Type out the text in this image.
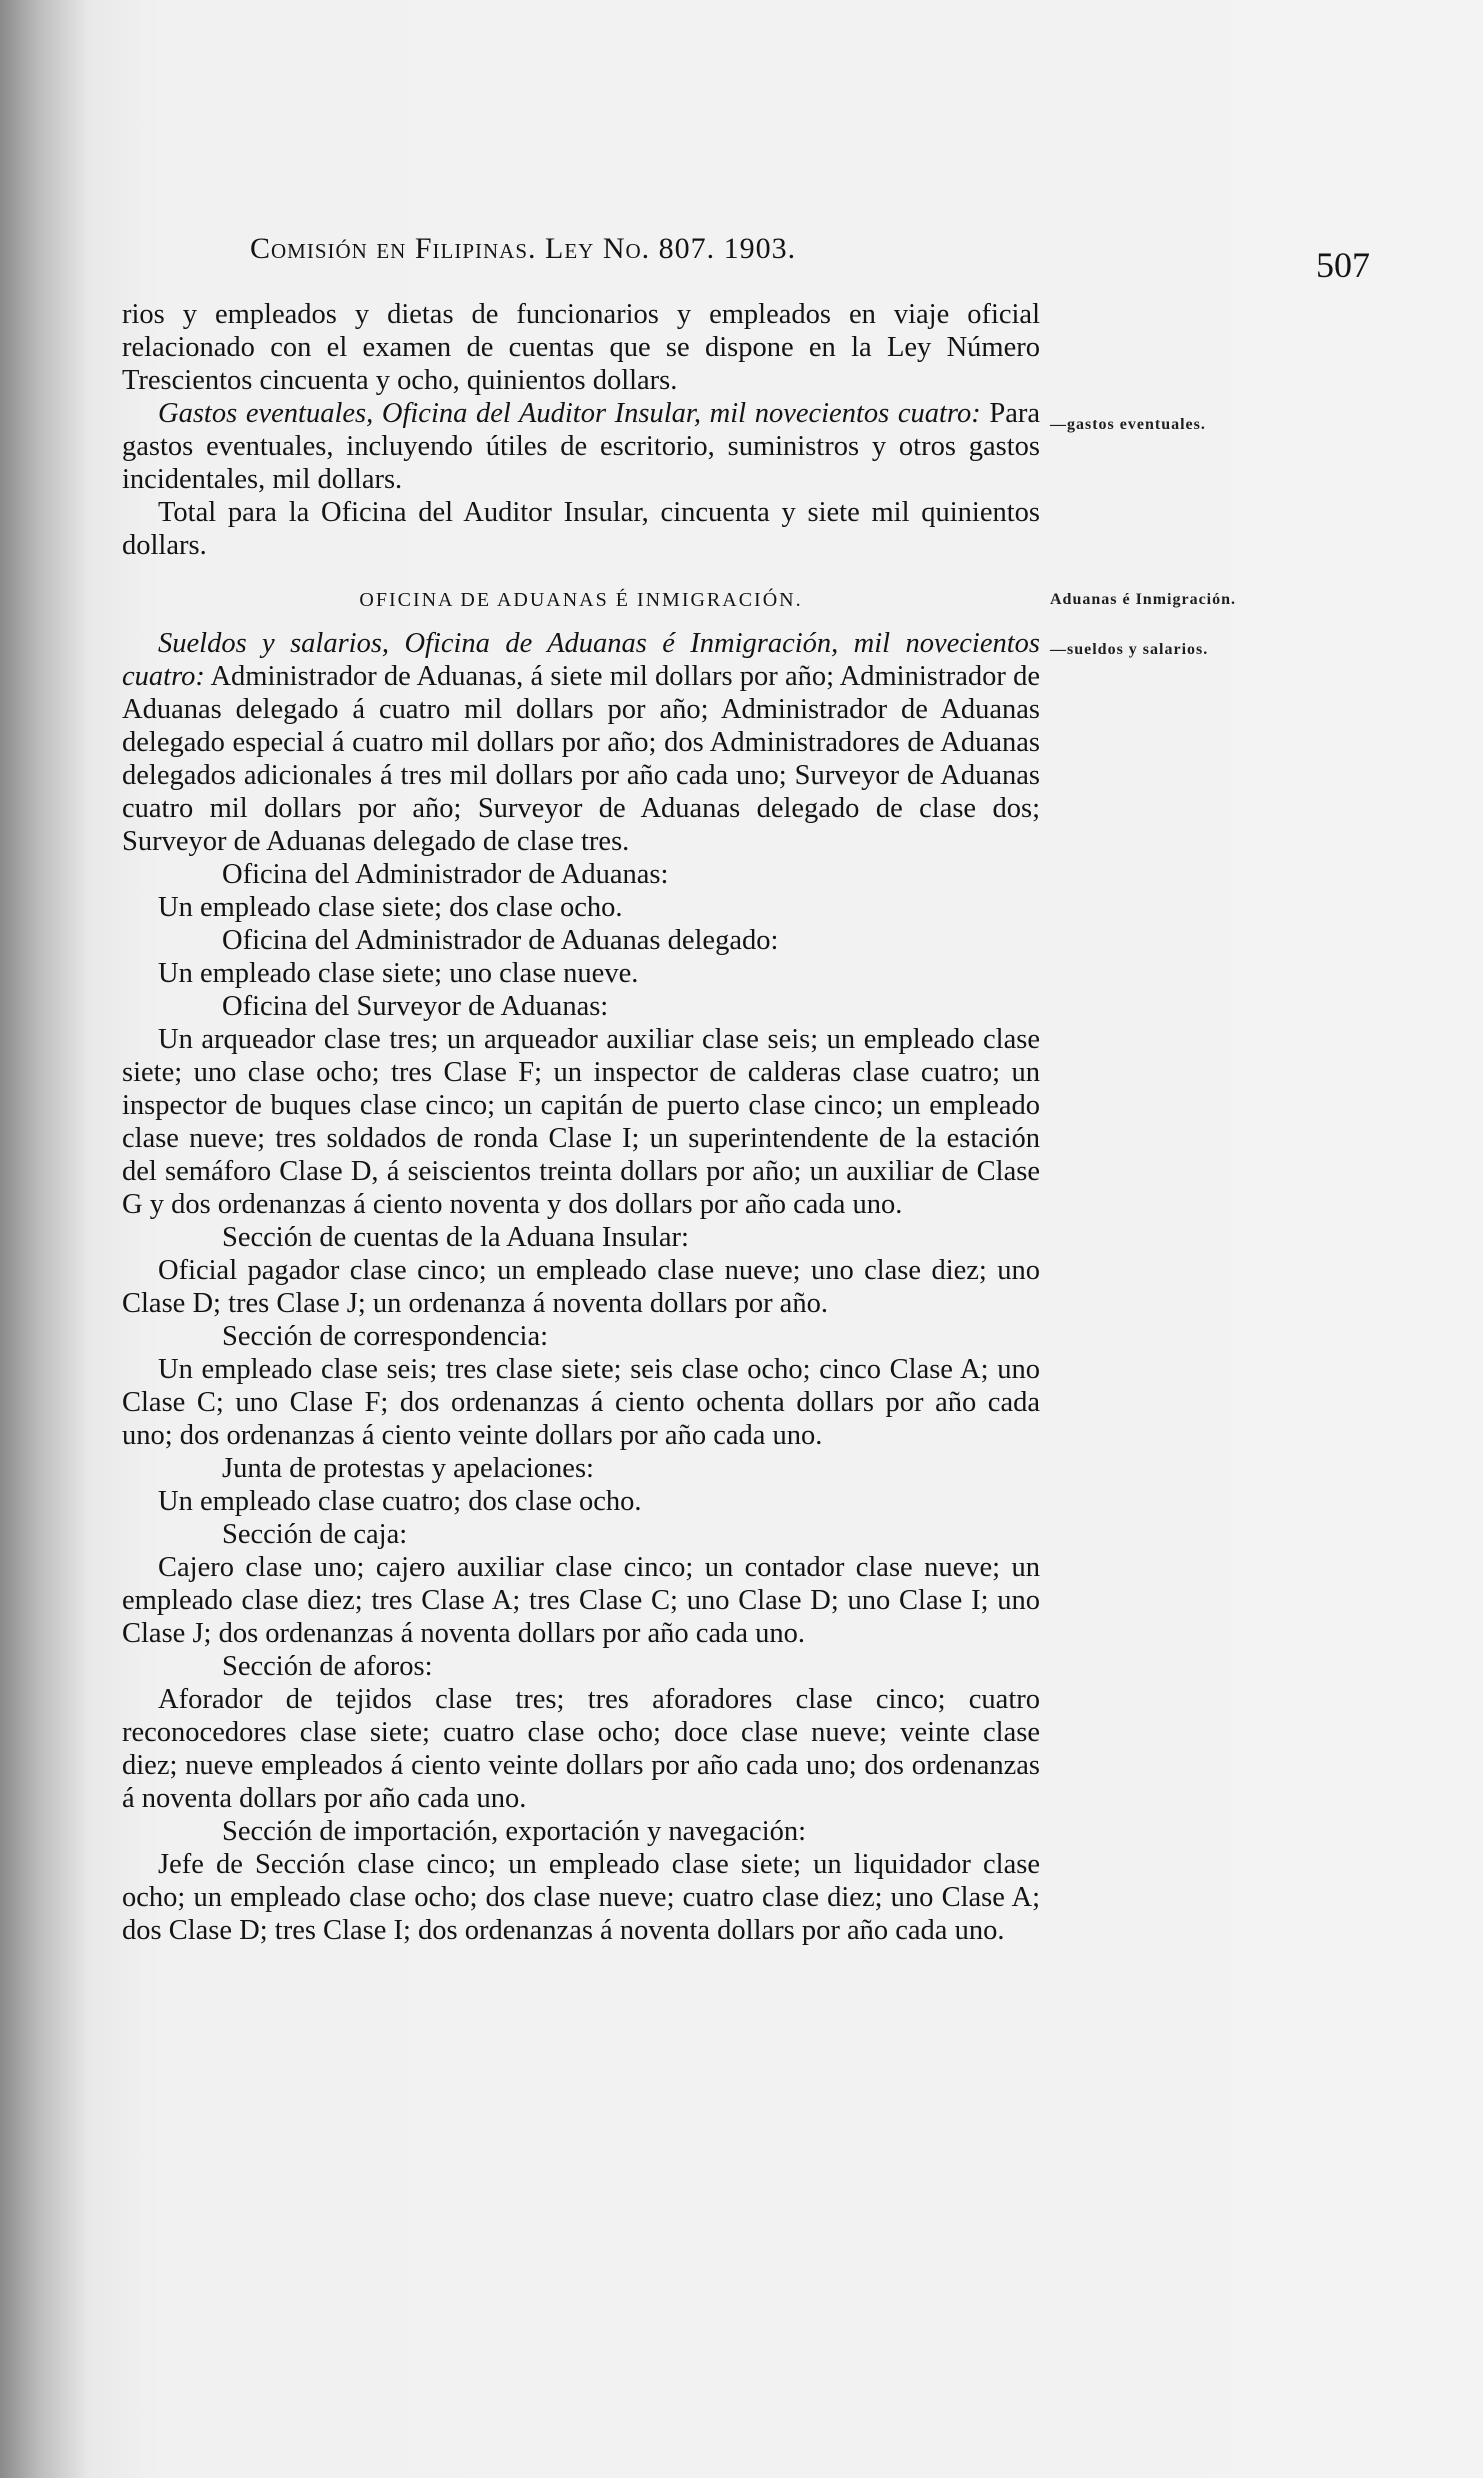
Comisión en Filipinas. Ley No. 807. 1903.	507
—gastos eventuales.
Aduanas é Inmigración.
—sueldos y salarios.

rios y empleados y dietas de funcionarios y empleados en viaje oficial relacionado con el examen de cuentas que se dispone en la Ley Número Trescientos cincuenta y ocho, quinientos dollars.

Gastos eventuales, Oficina del Auditor Insular, mil novecientos cuatro: Para gastos eventuales, incluyendo útiles de escritorio, suministros y otros gastos incidentales, mil dollars.

Total para la Oficina del Auditor Insular, cincuenta y siete mil quinientos dollars.

OFICINA DE ADUANAS É INMIGRACIÓN.

Sueldos y salarios, Oficina de Aduanas é Inmigración, mil novecientos cuatro: Administrador de Aduanas, á siete mil dollars por año; Administrador de Aduanas delegado á cuatro mil dollars por año; Administrador de Aduanas delegado especial á cuatro mil dollars por año; dos Administradores de Aduanas delegados adicionales á tres mil dollars por año cada uno; Surveyor de Aduanas cuatro mil dollars por año; Surveyor de Aduanas delegado de clase dos; Surveyor de Aduanas delegado de clase tres.

Oficina del Administrador de Aduanas:

Un empleado clase siete; dos clase ocho.

Oficina del Administrador de Aduanas delegado:

Un empleado clase siete; uno clase nueve.

Oficina del Surveyor de Aduanas:

Un arqueador clase tres; un arqueador auxiliar clase seis; un empleado clase siete; uno clase ocho; tres Clase F; un inspector de calderas clase cuatro; un inspector de buques clase cinco; un capitán de puerto clase cinco; un empleado clase nueve; tres soldados de ronda Clase I; un superintendente de la estación del semáforo Clase D, á seiscientos treinta dollars por año; un auxiliar de Clase G y dos ordenanzas á ciento noventa y dos dollars por año cada uno.

Sección de cuentas de la Aduana Insular:

Oficial pagador clase cinco; un empleado clase nueve; uno clase diez; uno Clase D; tres Clase J; un ordenanza á noventa dollars por año.

Sección de correspondencia:

Un empleado clase seis; tres clase siete; seis clase ocho; cinco Clase A; uno Clase C; uno Clase F; dos ordenanzas á ciento ochenta dollars por año cada uno; dos ordenanzas á ciento veinte dollars por año cada uno.

Junta de protestas y apelaciones:

Un empleado clase cuatro; dos clase ocho.

Sección de caja:

Cajero clase uno; cajero auxiliar clase cinco; un contador clase nueve; un empleado clase diez; tres Clase A; tres Clase C; uno Clase D; uno Clase I; uno Clase J; dos ordenanzas á noventa dollars por año cada uno.

Sección de aforos:

Aforador de tejidos clase tres; tres aforadores clase cinco; cuatro reconocedores clase siete; cuatro clase ocho; doce clase nueve; veinte clase diez; nueve empleados á ciento veinte dollars por año cada uno; dos ordenanzas á noventa dollars por año cada uno.

Sección de importación, exportación y navegación:

Jefe de Sección clase cinco; un empleado clase siete; un liquidador clase ocho; un empleado clase ocho; dos clase nueve; cuatro clase diez; uno Clase A; dos Clase D; tres Clase I; dos ordenanzas á noventa dollars por año cada uno.
